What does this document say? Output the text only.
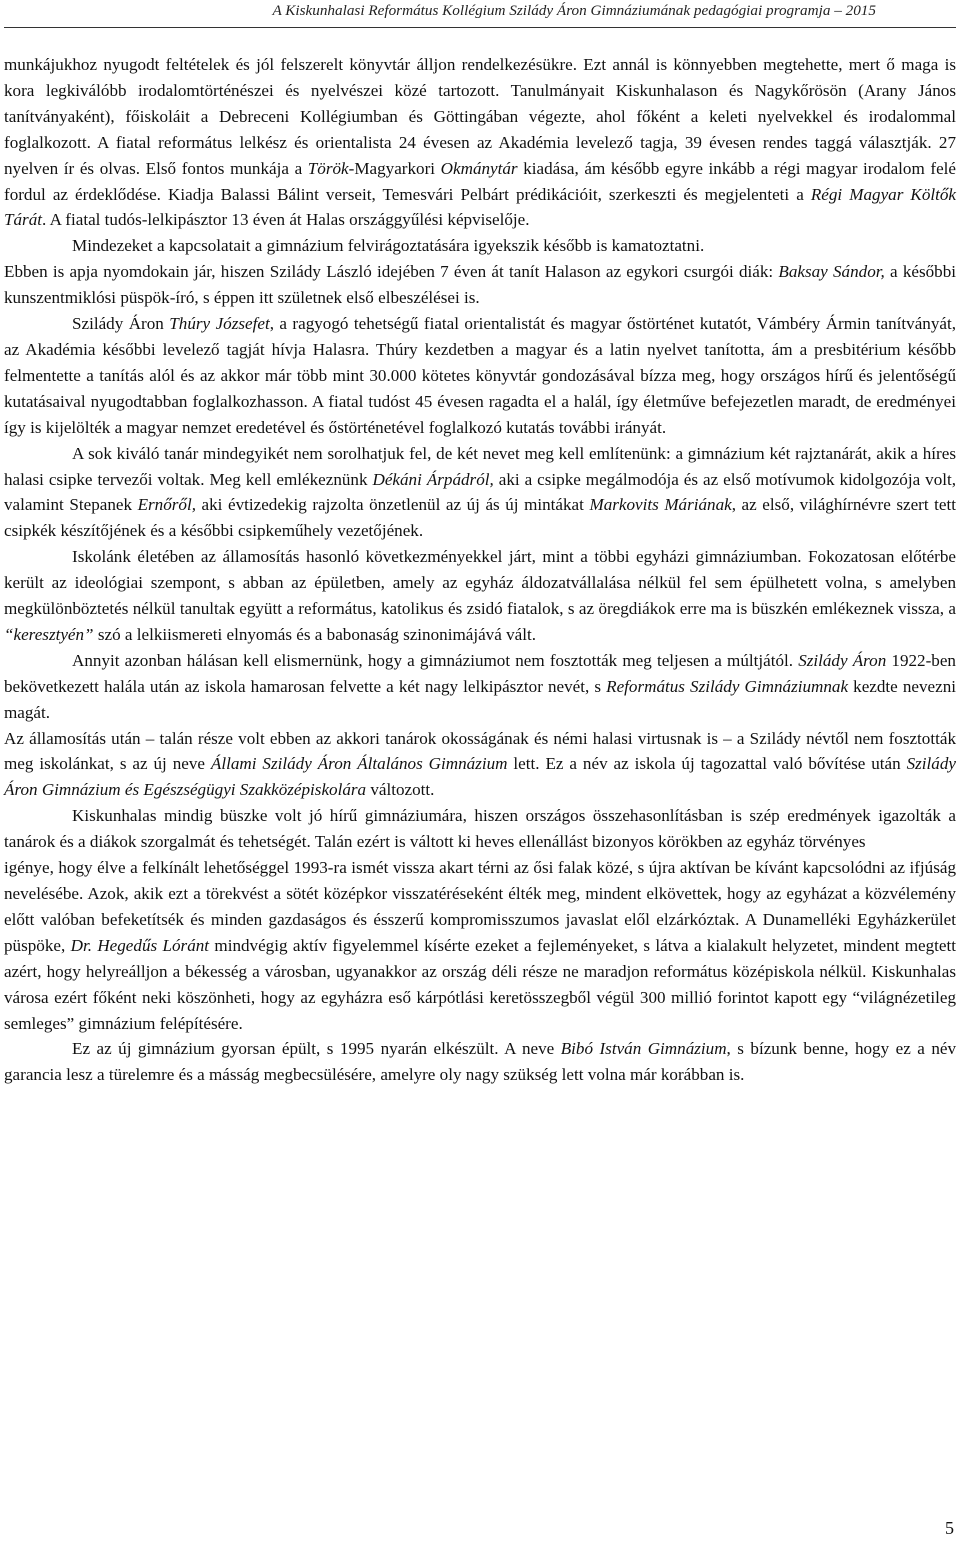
A Kiskunhalasi Református Kollégium Szilády Áron Gimnáziumának pedagógiai programja – 2015

munkájukhoz nyugodt feltételek és jól felszerelt könyvtár álljon rendelkezésükre. Ezt annál is könnyebben megtehette, mert ő maga is kora legkiválóbb irodalomtörténészei és nyelvészei közé tartozott. Tanulmányait Kiskunhalason és Nagykőrösön (Arany János tanítványaként), főiskoláit a Debreceni Kollégiumban és Göttingában végezte, ahol főként a keleti nyelvekkel és irodalommal foglalkozott. A fiatal református lelkész és orientalista 24 évesen az Akadémia levelező tagja, 39 évesen rendes taggá választják. 27 nyelven ír és olvas. Első fontos munkája a Török-Magyarkori Okmánytár kiadása, ám később egyre inkább a régi magyar irodalom felé fordul az érdeklődése. Kiadja Balassi Bálint verseit, Temesvári Pelbárt prédikációit, szerkeszti és megjelenteti a Régi Magyar Költők Tárát. A fiatal tudós-lelkipásztor 13 éven át Halas országgyűlési képviselője.

Mindezeket a kapcsolatait a gimnázium felvirágoztatására igyekszik később is kamatoztatni.

Ebben is apja nyomdokain jár, hiszen Szilády László idejében 7 éven át tanít Halason az egykori csurgói diák: Baksay Sándor, a későbbi kunszentmiklósi püspök-író, s éppen itt születnek első elbeszélései is.

Szilády Áron Thúry Józsefet, a ragyogó tehetségű fiatal orientalistát és magyar őstörténet kutatót, Vámbéry Ármin tanítványát, az Akadémia későbbi levelező tagját hívja Halasra. Thúry kezdetben a magyar és a latin nyelvet tanította, ám a presbitérium később felmentette a tanítás alól és az akkor már több mint 30.000 kötetes könyvtár gondozásával bízza meg, hogy országos hírű és jelentőségű kutatásaival nyugodtabban foglalkozhasson. A fiatal tudóst 45 évesen ragadta el a halál, így életműve befejezetlen maradt, de eredményei így is kijelölték a magyar nemzet eredetével és őstörténetével foglalkozó kutatás további irányát.

A sok kiváló tanár mindegyikét nem sorolhatjuk fel, de két nevet meg kell említenünk: a gimnázium két rajztanárát, akik a híres halasi csipke tervezői voltak. Meg kell emlékeznünk Dékáni Árpádról, aki a csipke megálmodója és az első motívumok kidolgozója volt, valamint Stepanek Ernőről, aki évtizedekig rajzolta önzetlenül az új ás új mintákat Markovits Máriának, az első, világhírnévre szert tett csipkék készítőjének és a későbbi csipkeműhely vezetőjének.

Iskolánk életében az államosítás hasonló következményekkel járt, mint a többi egyházi gimnáziumban. Fokozatosan előtérbe került az ideológiai szempont, s abban az épületben, amely az egyház áldozatvállalása nélkül fel sem épülhetett volna, s amelyben megkülönböztetés nélkül tanultak együtt a református, katolikus és zsidó fiatalok, s az öregdiákok erre ma is büszkén emlékeznek vissza, a “keresztyén” szó a lelkiismereti elnyomás és a babonaság szinonimájává vált.

Annyit azonban hálásan kell elismernünk, hogy a gimnáziumot nem fosztották meg teljesen a múltjától. Szilády Áron 1922-ben bekövetkezett halála után az iskola hamarosan felvette a két nagy lelkipásztor nevét, s Református Szilády Gimnáziumnak kezdte nevezni magát.

Az államosítás után – talán része volt ebben az akkori tanárok okosságának és némi halasi virtusnak is – a Szilády névtől nem fosztották meg iskolánkat, s az új neve Állami Szilády Áron Általános Gimnázium lett. Ez a név az iskola új tagozattal való bővítése után Szilády Áron Gimnázium és Egészségügyi Szakközépiskolára változott.

Kiskunhalas mindig büszke volt jó hírű gimnáziumára, hiszen országos összehasonlításban is szép eredmények igazolták a tanárok és a diákok szorgalmát és tehetségét. Talán ezért is váltott ki heves ellenállást bizonyos körökben az egyház törvényes

igénye, hogy élve a felkínált lehetőséggel 1993-ra ismét vissza akart térni az ősi falak közé, s újra aktívan be kívánt kapcsolódni az ifjúság nevelésébe. Azok, akik ezt a törekvést a sötét középkor visszatéréseként élték meg, mindent elkövettek, hogy az egyházat a közvélemény előtt valóban befeketítsék és minden gazdaságos és ésszerű kompromisszumos javaslat elől elzárkóztak. A Dunamelléki Egyházkerület püspöke, Dr. Hegedűs Lóránt mindvégig aktív figyelemmel kísérte ezeket a fejleményeket, s látva a kialakult helyzetet, mindent megtett azért, hogy helyreálljon a békesség a városban, ugyanakkor az ország déli része ne maradjon református középiskola nélkül. Kiskunhalas városa ezért főként neki köszönheti, hogy az egyházra eső kárpótlási keretösszegből végül 300 millió forintot kapott egy “világnézetileg semleges” gimnázium felépítésére.

Ez az új gimnázium gyorsan épült, s 1995 nyarán elkészült. A neve Bibó István Gimnázium, s bízunk benne, hogy ez a név garancia lesz a türelemre és a másság megbecsülésére, amelyre oly nagy szükség lett volna már korábban is.

5
